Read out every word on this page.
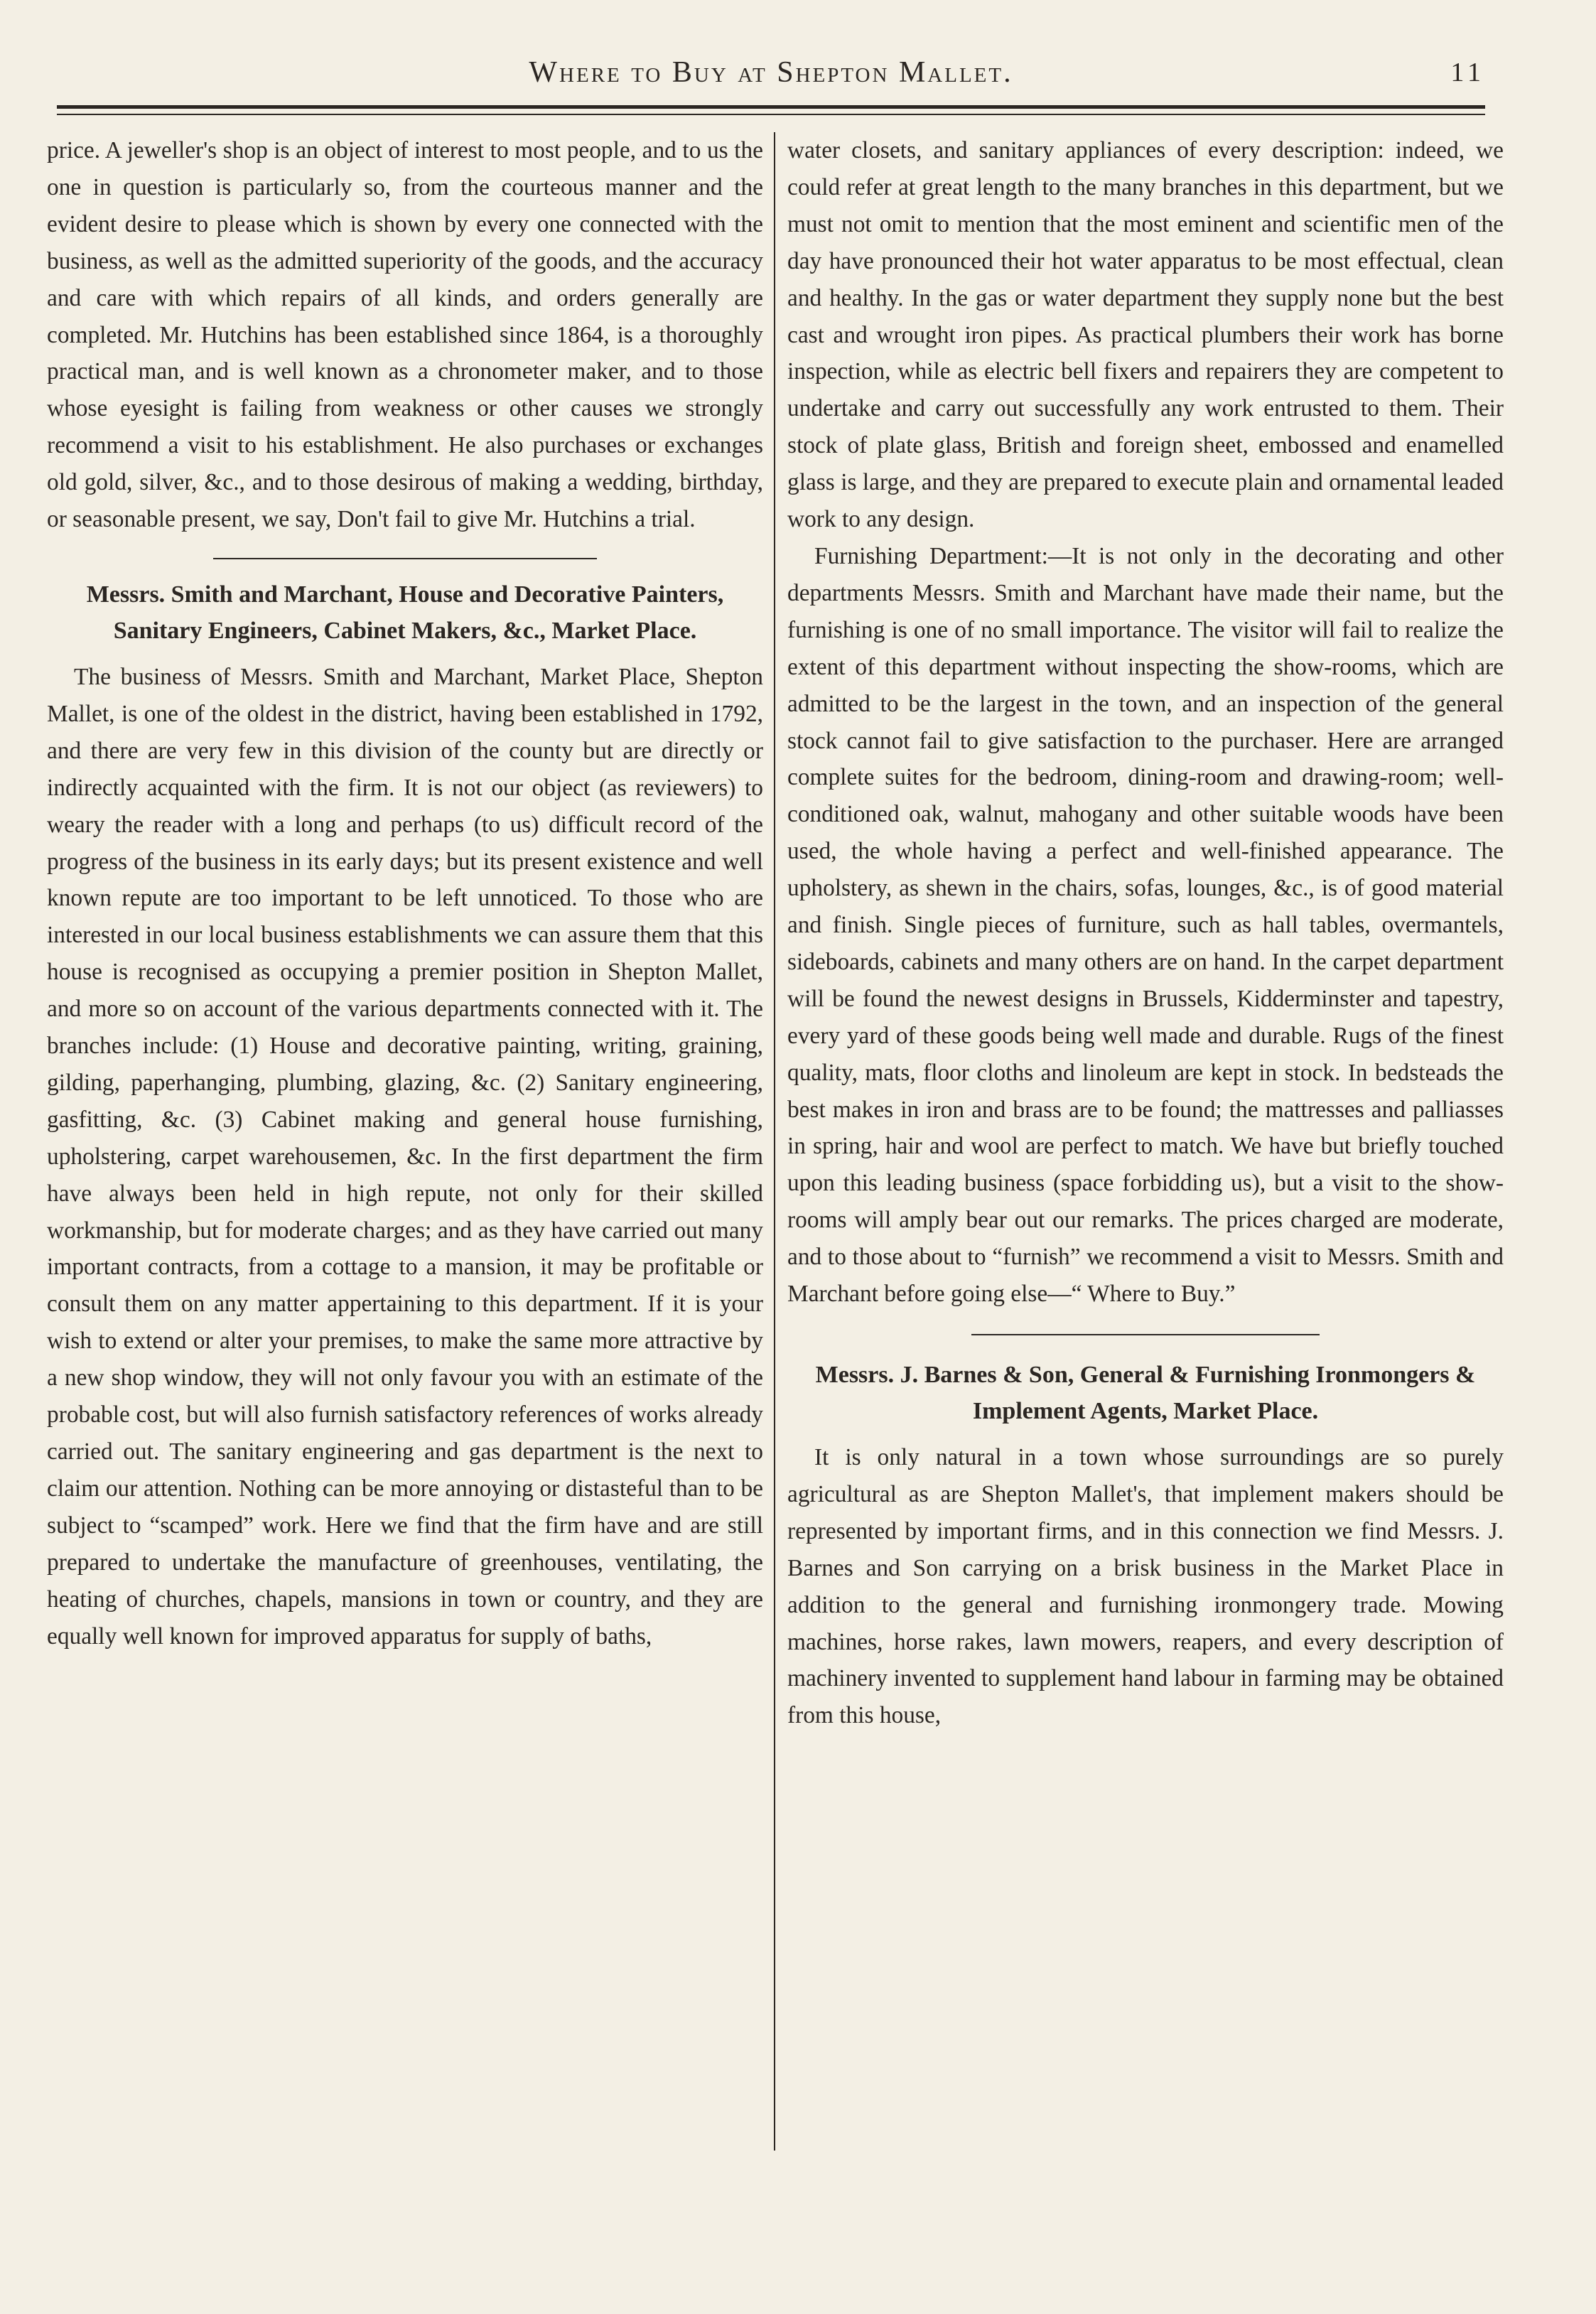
Where to Buy at Shepton Mallet.	11

price. A jeweller's shop is an object of interest to most people, and to us the one in question is particularly so, from the courteous manner and the evident desire to please which is shown by every one connected with the business, as well as the admitted superiority of the goods, and the accuracy and care with which repairs of all kinds, and orders generally are completed. Mr. Hutchins has been established since 1864, is a thoroughly practical man, and is well known as a chronometer maker, and to those whose eyesight is failing from weakness or other causes we strongly recommend a visit to his establishment. He also purchases or exchanges old gold, silver, &c., and to those desirous of making a wedding, birthday, or seasonable present, we say, Don't fail to give Mr. Hutchins a trial.

Messrs. Smith and Marchant, House and Decorative Painters, Sanitary Engineers, Cabinet Makers, &c., Market Place.

The business of Messrs. Smith and Marchant, Market Place, Shepton Mallet, is one of the oldest in the district, having been established in 1792, and there are very few in this division of the county but are directly or indirectly acquainted with the firm. It is not our object (as reviewers) to weary the reader with a long and perhaps (to us) difficult record of the progress of the business in its early days; but its present existence and well known repute are too important to be left unnoticed. To those who are interested in our local business establishments we can assure them that this house is recognised as occupying a premier position in Shepton Mallet, and more so on account of the various departments connected with it. The branches include: (1) House and decorative painting, writing, graining, gilding, paperhanging, plumbing, glazing, &c. (2) Sanitary engineering, gasfitting, &c. (3) Cabinet making and general house furnishing, upholstering, carpet warehousemen, &c. In the first department the firm have always been held in high repute, not only for their skilled workmanship, but for moderate charges; and as they have carried out many important contracts, from a cottage to a mansion, it may be profitable or consult them on any matter appertaining to this department. If it is your wish to extend or alter your premises, to make the same more attractive by a new shop window, they will not only favour you with an estimate of the probable cost, but will also furnish satisfactory references of works already carried out. The sanitary engineering and gas department is the next to claim our attention. Nothing can be more annoying or distasteful than to be subject to “scamped” work. Here we find that the firm have and are still prepared to undertake the manufacture of greenhouses, ventilating, the heating of churches, chapels, mansions in town or country, and they are equally well known for improved apparatus for supply of baths,

water closets, and sanitary appliances of every description: indeed, we could refer at great length to the many branches in this department, but we must not omit to mention that the most eminent and scientific men of the day have pronounced their hot water apparatus to be most effectual, clean and healthy. In the gas or water department they supply none but the best cast and wrought iron pipes. As practical plumbers their work has borne inspection, while as electric bell fixers and repairers they are competent to undertake and carry out successfully any work entrusted to them. Their stock of plate glass, British and foreign sheet, embossed and enamelled glass is large, and they are prepared to execute plain and ornamental leaded work to any design.

Furnishing Department:—It is not only in the decorating and other departments Messrs. Smith and Marchant have made their name, but the furnishing is one of no small importance. The visitor will fail to realize the extent of this department without inspecting the show-rooms, which are admitted to be the largest in the town, and an inspection of the general stock cannot fail to give satisfaction to the purchaser. Here are arranged complete suites for the bedroom, dining-room and drawing-room; well-conditioned oak, walnut, mahogany and other suitable woods have been used, the whole having a perfect and well-finished appearance. The upholstery, as shewn in the chairs, sofas, lounges, &c., is of good material and finish. Single pieces of furniture, such as hall tables, overmantels, sideboards, cabinets and many others are on hand. In the carpet department will be found the newest designs in Brussels, Kidderminster and tapestry, every yard of these goods being well made and durable. Rugs of the finest quality, mats, floor cloths and linoleum are kept in stock. In bedsteads the best makes in iron and brass are to be found; the mattresses and palliasses in spring, hair and wool are perfect to match. We have but briefly touched upon this leading business (space forbidding us), but a visit to the show-rooms will amply bear out our remarks. The prices charged are moderate, and to those about to “furnish” we recommend a visit to Messrs. Smith and Marchant before going else—“ Where to Buy.”

Messrs. J. Barnes & Son, General & Furnishing Ironmongers & Implement Agents, Market Place.

It is only natural in a town whose surroundings are so purely agricultural as are Shepton Mallet's, that implement makers should be represented by important firms, and in this connection we find Messrs. J. Barnes and Son carrying on a brisk business in the Market Place in addition to the general and furnishing ironmongery trade. Mowing machines, horse rakes, lawn mowers, reapers, and every description of machinery invented to supplement hand labour in farming may be obtained from this house,
